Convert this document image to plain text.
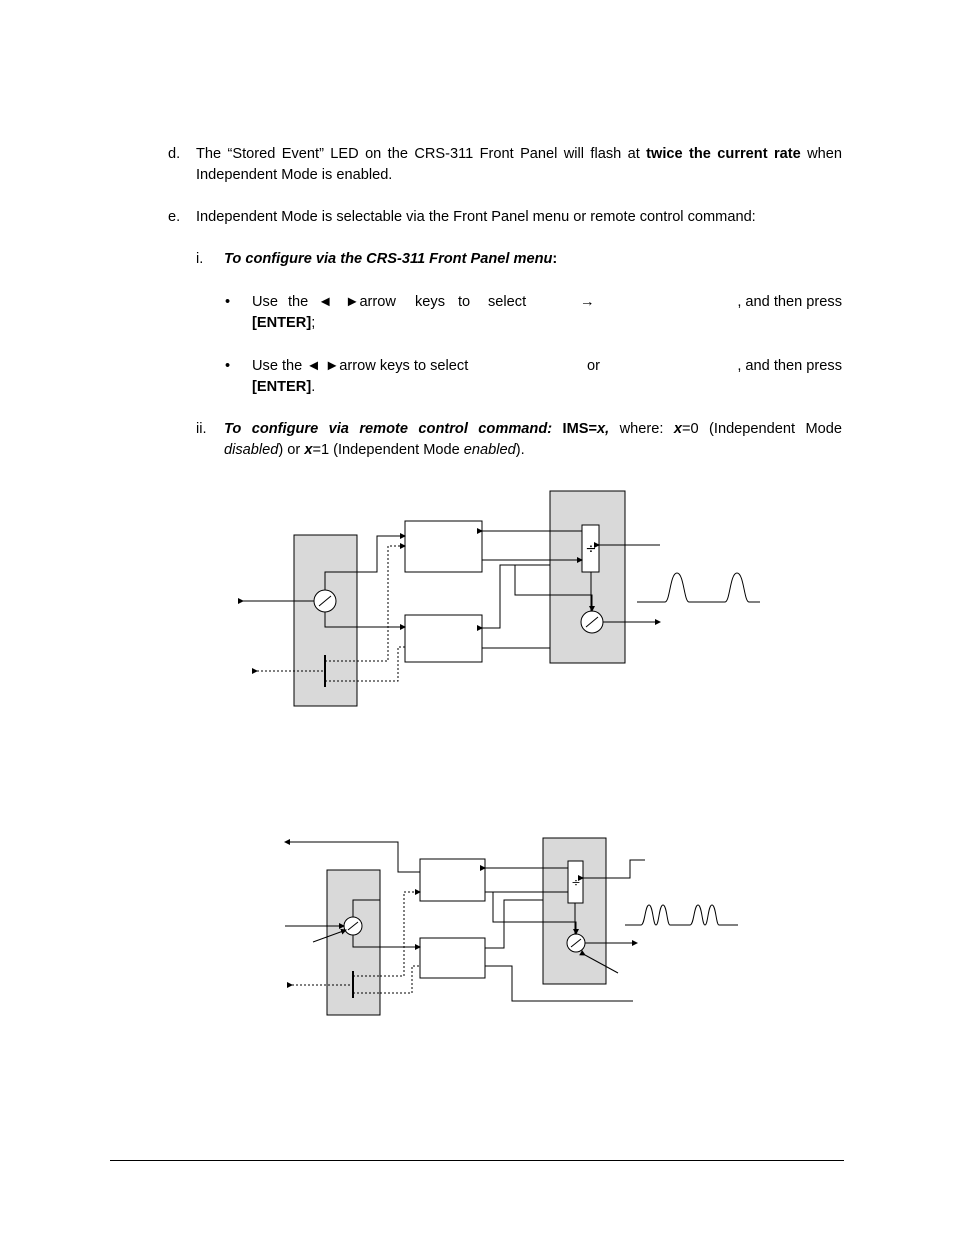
d. The “Stored Event” LED on the CRS-311 Front Panel will flash at twice the current rate when
Independent Mode is enabled.
e. Independent Mode is selectable via the Front Panel menu or remote control command:
i. To configure via the CRS-311 Front Panel menu:
• Use the ◄ ►arrow keys to select	→	, and then press
[ENTER];
• Use the ◄ ►arrow keys to select	or	, and then press
[ENTER].
ii. To configure via remote control command: IMS=x, where: x=0 (Independent Mode
disabled) or x=1 (Independent Mode enabled).
÷
÷
